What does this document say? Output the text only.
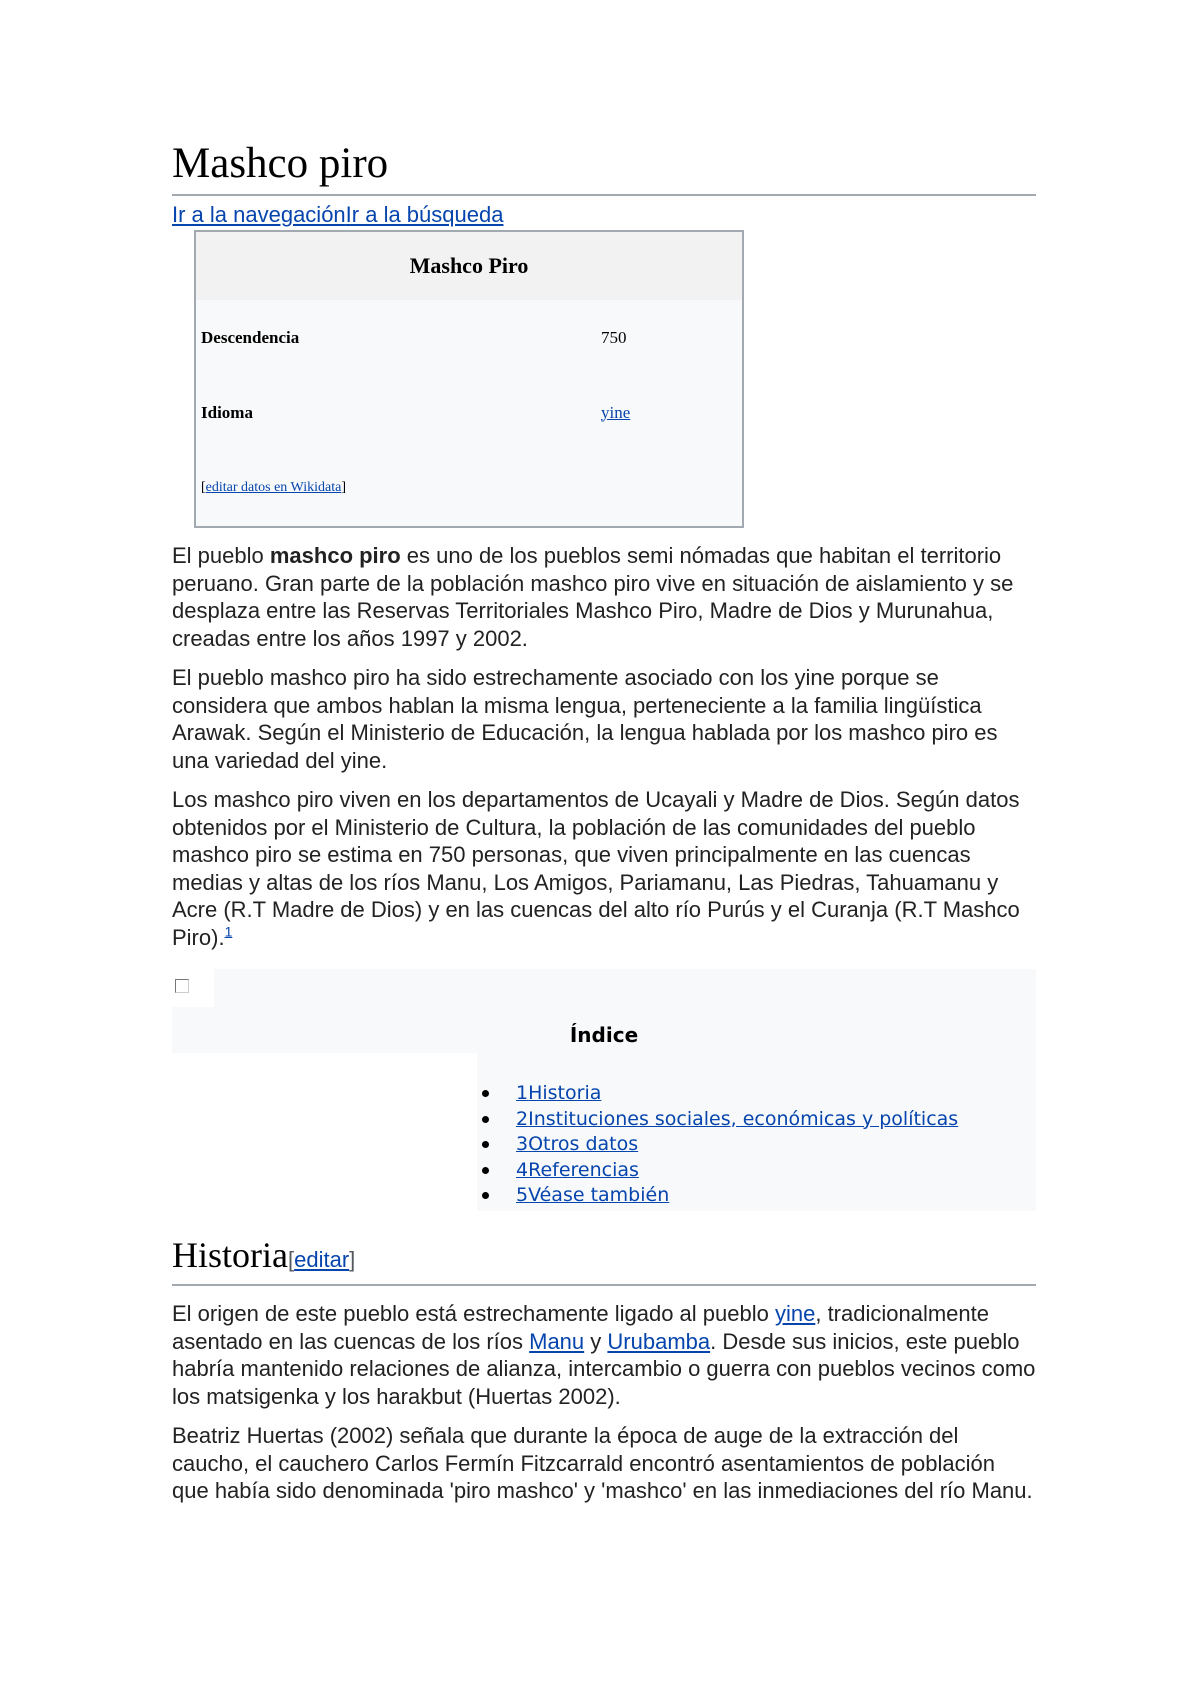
Mashco piro
Ir a la navegaciónIr a la búsqueda
Mashco Piro
Descendencia	750
Idioma	yine
[editar datos en Wikidata]

El pueblo mashco piro es uno de los pueblos semi nómadas que habitan el territorio peruano. Gran parte de la población mashco piro vive en situación de aislamiento y se desplaza entre las Reservas Territoriales Mashco Piro, Madre de Dios y Murunahua, creadas entre los años 1997 y 2002.

El pueblo mashco piro ha sido estrechamente asociado con los yine porque se considera que ambos hablan la misma lengua, perteneciente a la familia lingüística Arawak. Según el Ministerio de Educación, la lengua hablada por los mashco piro es una variedad del yine.

Los mashco piro viven en los departamentos de Ucayali y Madre de Dios. Según datos obtenidos por el Ministerio de Cultura, la población de las comunidades del pueblo mashco piro se estima en 750 personas, que viven principalmente en las cuencas medias y altas de los ríos Manu, Los Amigos, Pariamanu, Las Piedras, Tahuamanu y Acre (R.T Madre de Dios) y en las cuencas del alto río Purús y el Curanja (R.T Mashco Piro).$^1$

Índice
1Historia
2Instituciones sociales, económicas y políticas
3Otros datos
4Referencias
5Véase también
Historia[editar]

El origen de este pueblo está estrechamente ligado al pueblo yine, tradicionalmente asentado en las cuencas de los ríos Manu y Urubamba. Desde sus inicios, este pueblo habría mantenido relaciones de alianza, intercambio o guerra con pueblos vecinos como los matsigenka y los harakbut (Huertas 2002).

Beatriz Huertas (2002) señala que durante la época de auge de la extracción del caucho, el cauchero Carlos Fermín Fitzcarrald encontró asentamientos de población que había sido denominada 'piro mashco' y 'mashco' en las inmediaciones del río Manu.
